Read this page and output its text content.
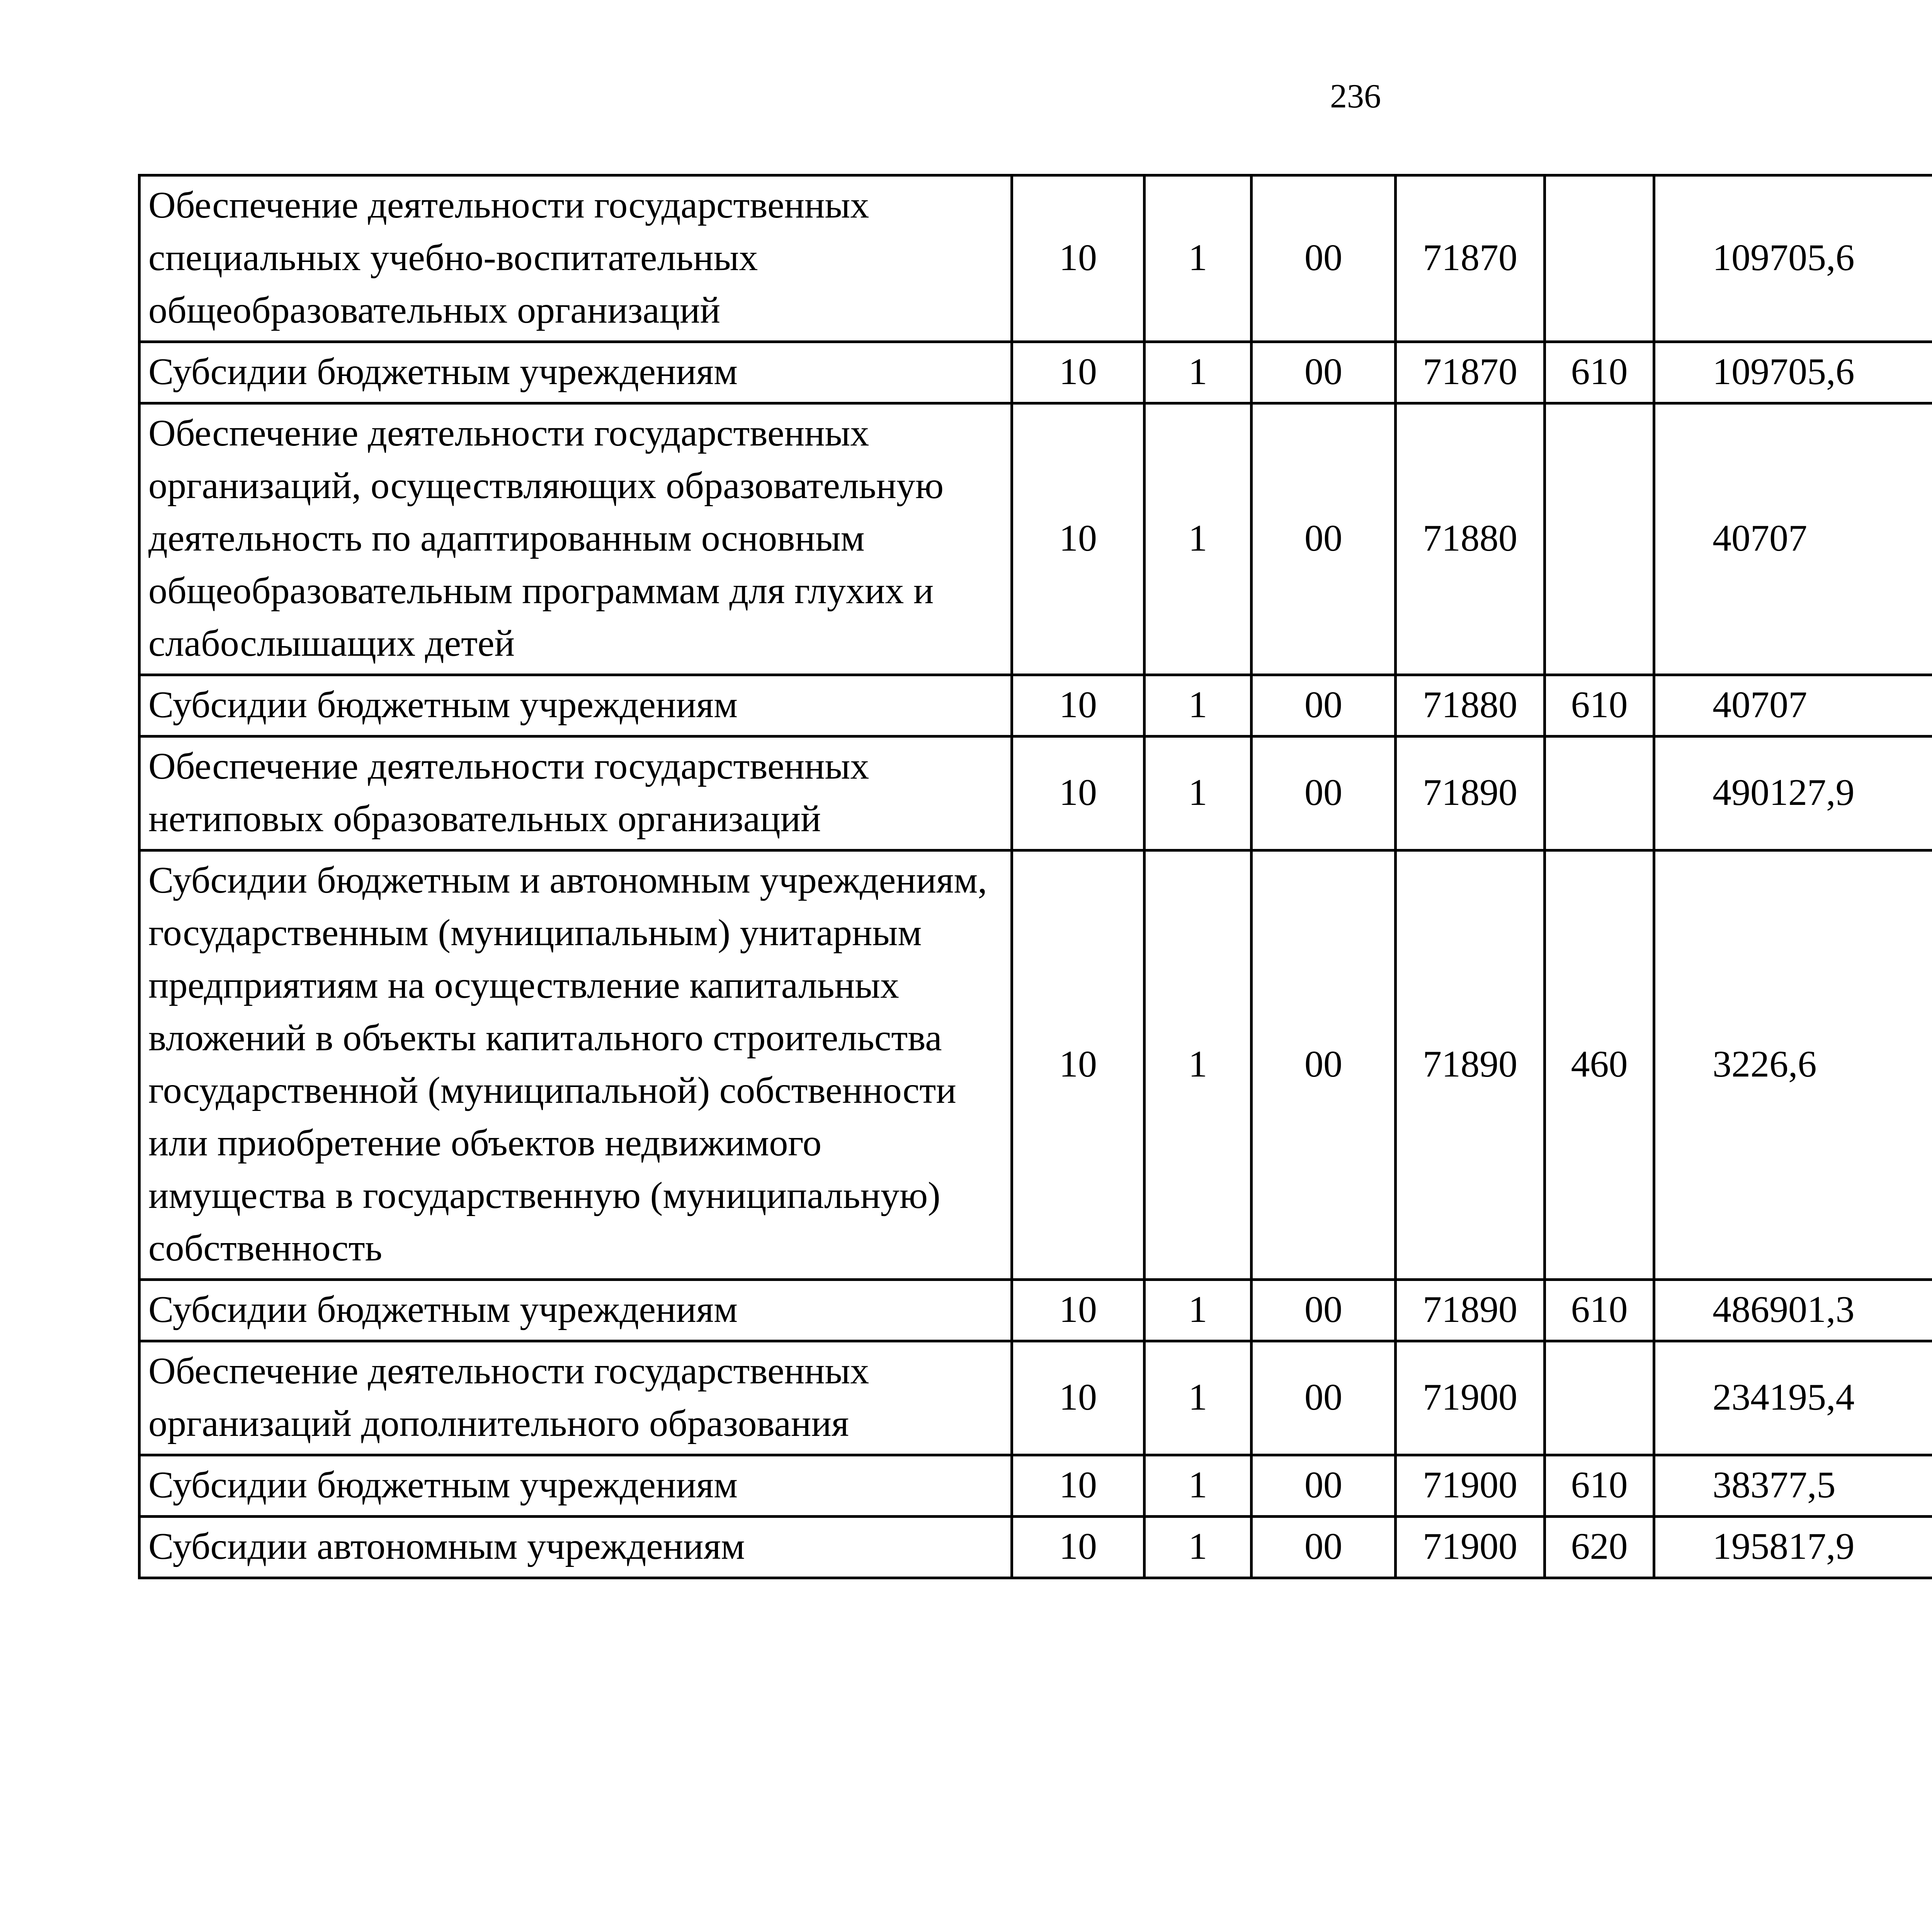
236
Обеспечение деятельности государственных специальных учебно-воспитательных общеобразовательных организаций	10	1	00	71870		109705,6		
Субсидии бюджетным учреждениям	10	1	00	71870	610	109705,6		
Обеспечение деятельности государственных организаций, осуществляющих образовательную деятельность по адаптированным основным общеобразовательным программам для глухих и слабослышащих детей	10	1	00	71880		40707		
Субсидии бюджетным учреждениям	10	1	00	71880	610	40707		
Обеспечение деятельности государственных нетиповых образовательных организаций	10	1	00	71890		490127,9		
Субсидии бюджетным и автономным учреждениям, государственным (муниципальным) унитарным предприятиям на осуществление капитальных вложений в объекты капитального строительства государственной (муниципальной) собственности или приобретение объектов недвижимого имущества в государственную (муниципальную) собственность	10	1	00	71890	460	3226,6		
Субсидии бюджетным учреждениям	10	1	00	71890	610	486901,3		
Обеспечение деятельности государственных организаций дополнительного образования	10	1	00	71900		234195,4		
Субсидии бюджетным учреждениям	10	1	00	71900	610	38377,5		
Субсидии автономным учреждениям	10	1	00	71900	620	195817,9		
